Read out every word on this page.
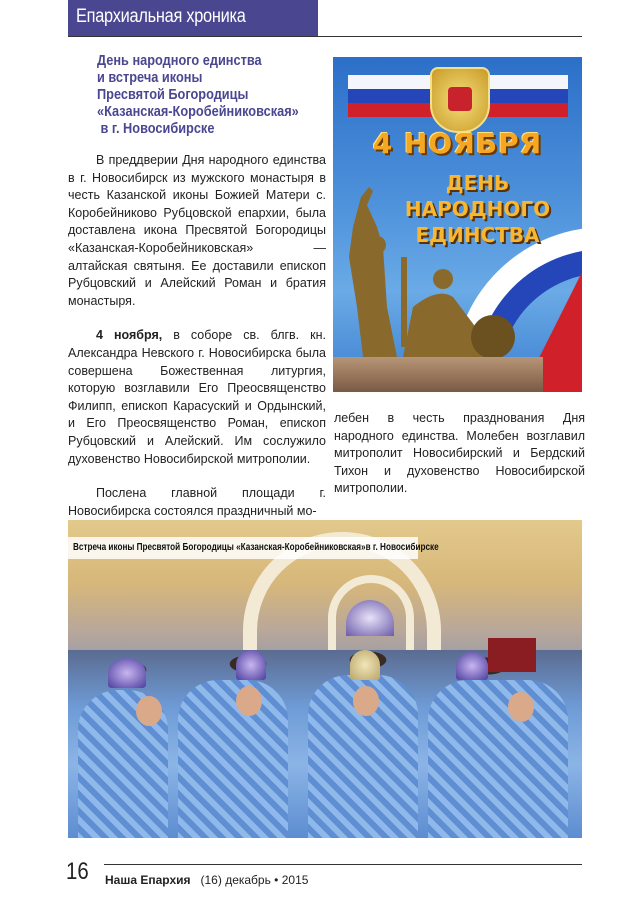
Епархиальная хроника
День народного единства
и встреча иконы
Пресвятой Богородицы
«Казанская-Коробейниковская»
в г. Новосибирске

В преддверии Дня народного единства в г. Новосибирск из мужского монастыря в честь Казанской иконы Божией Матери с. Коробейниково Рубцовской епархии, была доставлена икона Пресвятой Богородицы «Казанская-Коробейниковская» — алтайская святыня. Ее доставили епископ Рубцовский и Алейский Роман и братия монастыря.

4 ноября, в соборе св. блгв. кн. Александра Невского г. Новосибирска была совершена Божественная литургия, которую возглавили Его Преосвященство Филипп, епископ Карасуский и Ордынский, и Его Преосвященство Роман, епископ Рубцовский и Алейский. Им сослужило духовенство Новосибирской митрополии.

Послена главной площади г. Новосибирска состоялся праздничный мо-

4 НОЯБРЯ
ДЕНЬ
НАРОДНОГО
ЕДИНСТВА

лебен в честь празднования Дня народного единства. Молебен возглавил митрополит Новосибирский и Бердский Тихон и духовенство Новосибирской митрополии.

Встреча иконы Пресвятой Богородицы «Казанская-Коробейниковская»в г. Новосибирске
16 Наша Епархия (16) декабрь • 2015
